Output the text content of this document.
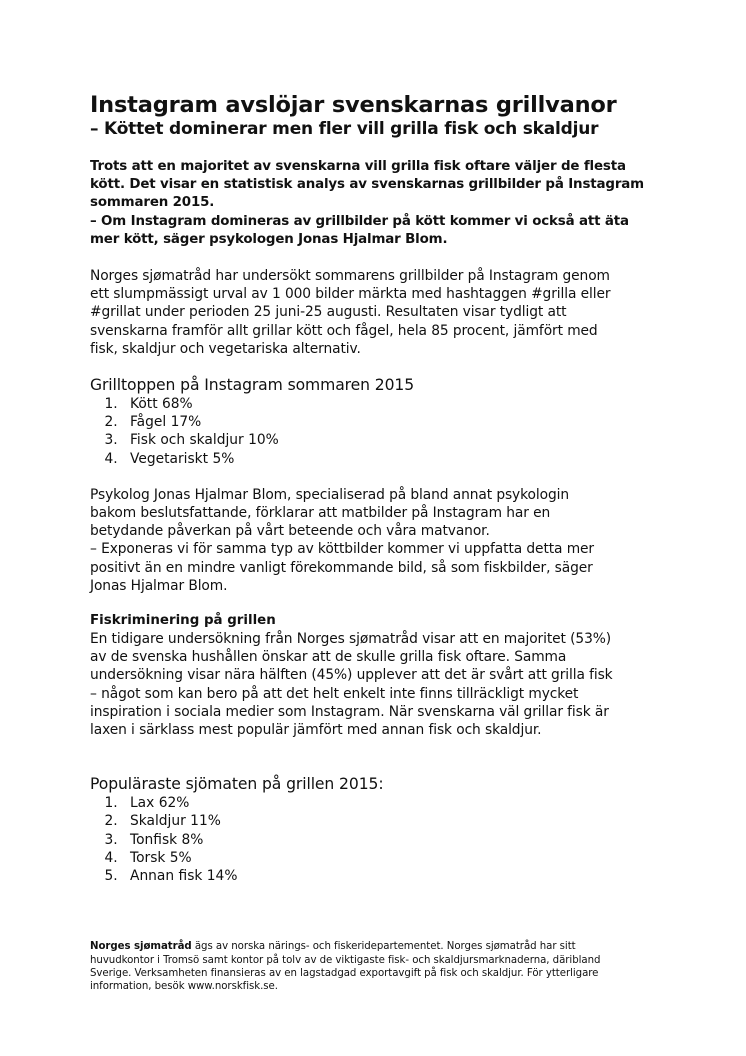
Instagram avslöjar svenskarnas grillvanor
– Köttet dominerar men fler vill grilla fisk och skaldjur
Trots att en majoritet av svenskarna vill grilla fisk oftare väljer de flesta
kött. Det visar en statistisk analys av svenskarnas grillbilder på Instagram
sommaren 2015.
– Om Instagram domineras av grillbilder på kött kommer vi också att äta
mer kött, säger psykologen Jonas Hjalmar Blom.
Norges sjømatråd har undersökt sommarens grillbilder på Instagram genom
ett slumpmässigt urval av 1 000 bilder märkta med hashtaggen #grilla eller
#grillat under perioden 25 juni-25 augusti. Resultaten visar tydligt att
svenskarna framför allt grillar kött och fågel, hela 85 procent, jämfört med
fisk, skaldjur och vegetariska alternativ.
Grilltoppen på Instagram sommaren 2015
1. Kött 68%
2. Fågel 17%
3. Fisk och skaldjur 10%
4. Vegetariskt 5%
Psykolog Jonas Hjalmar Blom, specialiserad på bland annat psykologin
bakom beslutsfattande, förklarar att matbilder på Instagram har en
betydande påverkan på vårt beteende och våra matvanor.
– Exponeras vi för samma typ av köttbilder kommer vi uppfatta detta mer
positivt än en mindre vanligt förekommande bild, så som fiskbilder, säger
Jonas Hjalmar Blom.
Fiskriminering på grillen
En tidigare undersökning från Norges sjømatråd visar att en majoritet (53%)
av de svenska hushållen önskar att de skulle grilla fisk oftare. Samma
undersökning visar nära hälften (45%) upplever att det är svårt att grilla fisk
– något som kan bero på att det helt enkelt inte finns tillräckligt mycket
inspiration i sociala medier som Instagram. När svenskarna väl grillar fisk är
laxen i särklass mest populär jämfört med annan fisk och skaldjur.
Populäraste sjömaten på grillen 2015:
1. Lax 62%
2. Skaldjur 11%
3. Tonfisk 8%
4. Torsk 5%
5. Annan fisk 14%
Norges sjømatråd ägs av norska närings- och fiskeridepartementet. Norges sjømatråd har sitt
huvudkontor i Tromsö samt kontor på tolv av de viktigaste fisk- och skaldjursmarknaderna, däribland
Sverige. Verksamheten finansieras av en lagstadgad exportavgift på fisk och skaldjur. För ytterligare
information, besök www.norskfisk.se.
